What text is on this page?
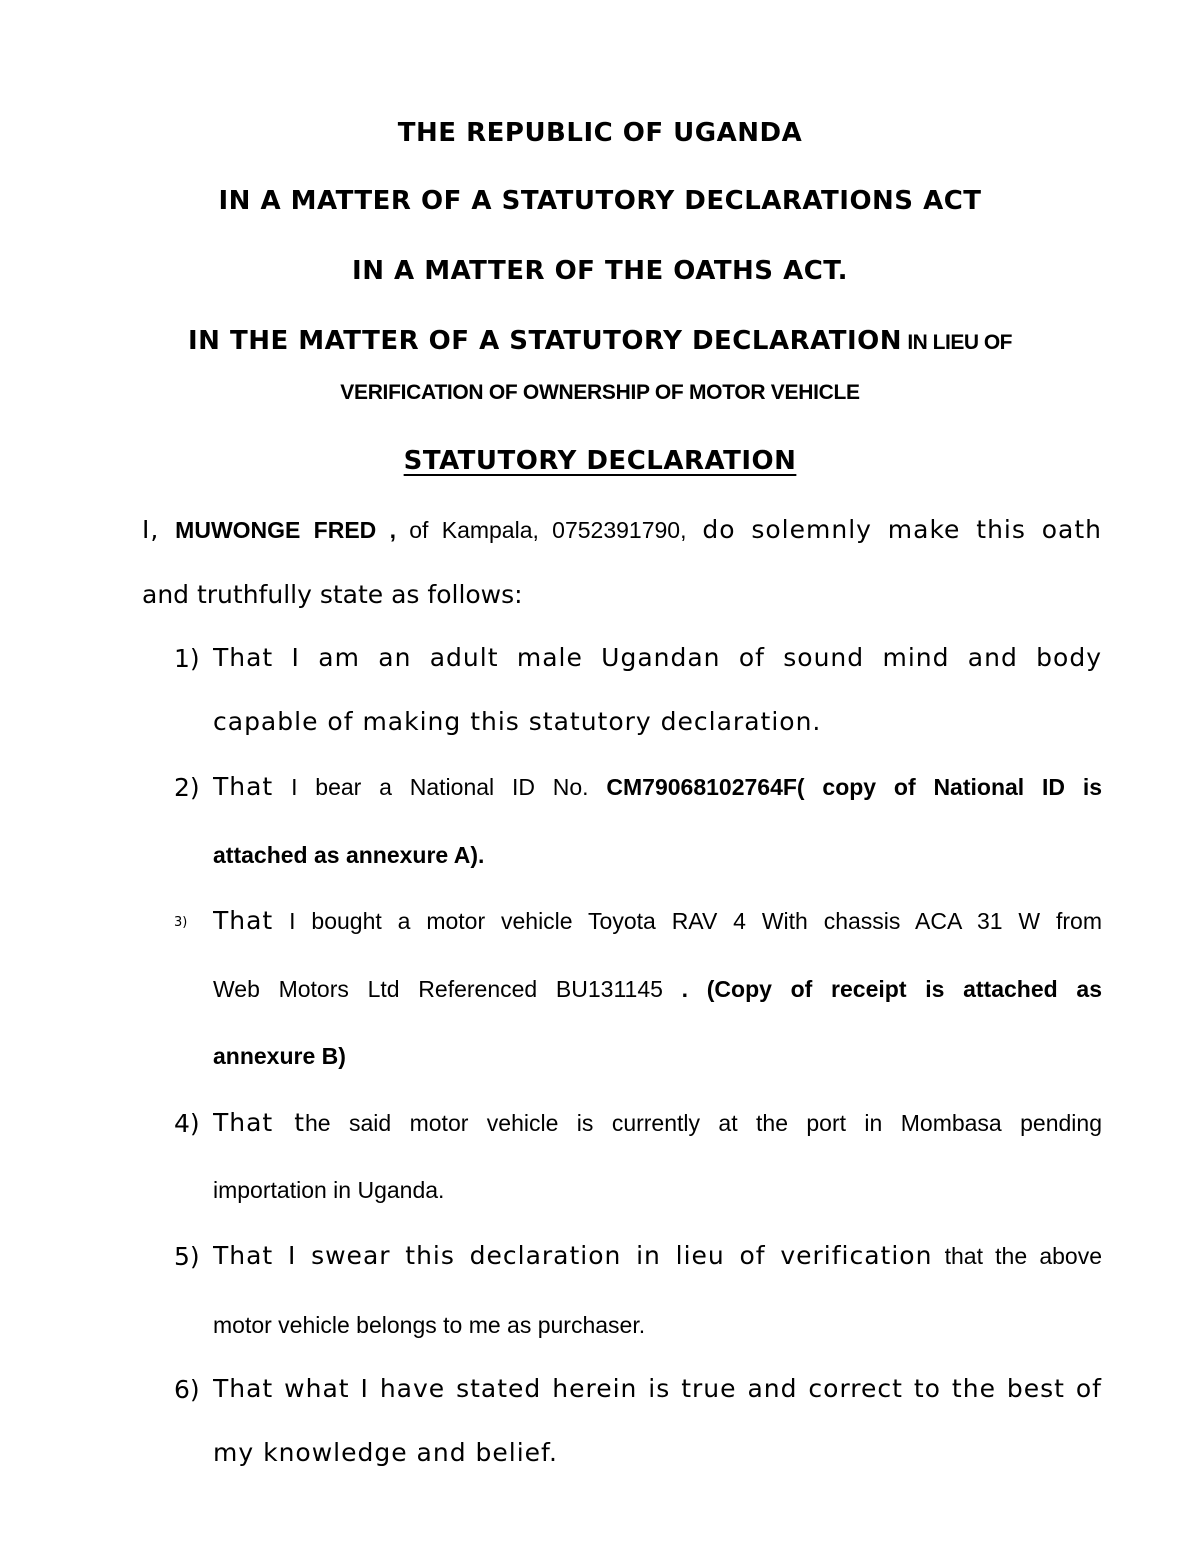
THE REPUBLIC OF UGANDA
IN A MATTER OF A STATUTORY DECLARATIONS ACT
IN A MATTER OF THE OATHS ACT.
IN THE MATTER OF A STATUTORY DECLARATION IN LIEU OF
VERIFICATION OF OWNERSHIP OF MOTOR VEHICLE
STATUTORY DECLARATION
I, MUWONGE FRED , of Kampala, 0752391790, do solemnly make this oath
and truthfully state as follows:
1) That I am an adult male Ugandan of sound mind and body
capable of making this statutory declaration.
2) That I bear a National ID No. CM79068102764F( copy of National ID is
attached as annexure A).
3) That I bought a motor vehicle Toyota RAV 4 With chassis ACA 31 W from
Web Motors Ltd Referenced BU131145 . (Copy of receipt is attached as
annexure B)
4) That the said motor vehicle is currently at the port in Mombasa pending
importation in Uganda.
5) That I swear this declaration in lieu of verification that the above
motor vehicle belongs to me as purchaser.
6) That what I have stated herein is true and correct to the best of
my knowledge and belief.
